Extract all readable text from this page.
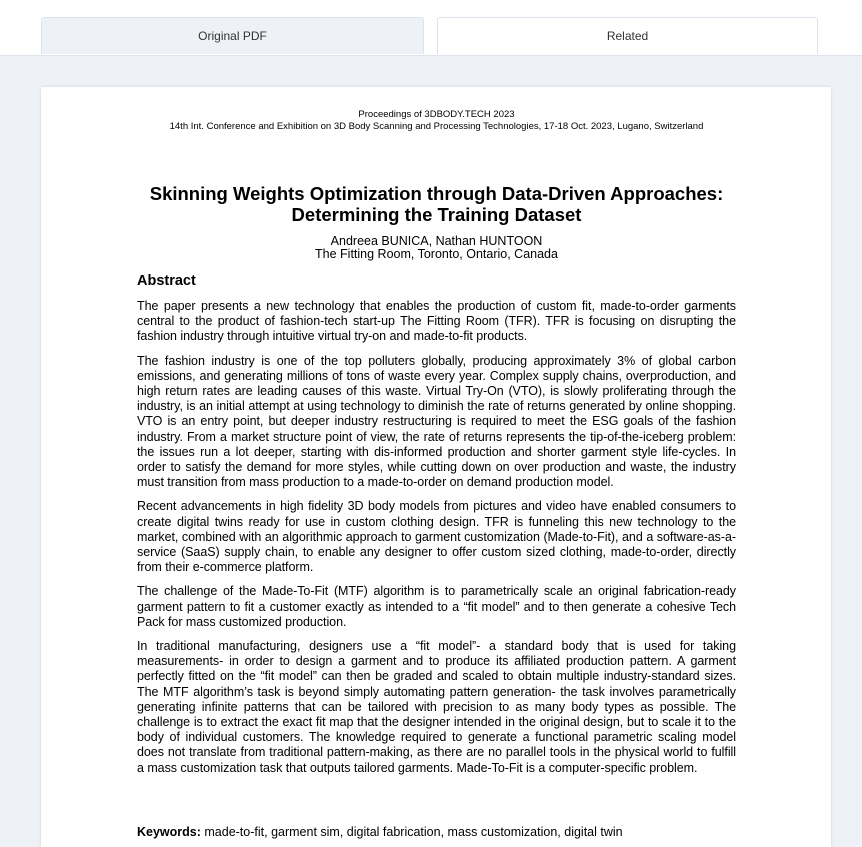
Original PDF	Related
Proceedings of 3DBODY.TECH 2023
14th Int. Conference and Exhibition on 3D Body Scanning and Processing Technologies, 17-18 Oct. 2023, Lugano, Switzerland
Skinning Weights Optimization through Data-Driven Approaches:
Determining the Training Dataset
Andreea BUNICA, Nathan HUNTOON
The Fitting Room, Toronto, Ontario, Canada
Abstract

The paper presents a new technology that enables the production of custom fit, made-to-order garments central to the product of fashion-tech start-up The Fitting Room (TFR). TFR is focusing on disrupting the fashion industry through intuitive virtual try-on and made-to-fit products.

The fashion industry is one of the top polluters globally, producing approximately 3% of global carbon emissions, and generating millions of tons of waste every year. Complex supply chains, overproduction, and high return rates are leading causes of this waste. Virtual Try-On (VTO), is slowly proliferating through the industry, is an initial attempt at using technology to diminish the rate of returns generated by online shopping. VTO is an entry point, but deeper industry restructuring is required to meet the ESG goals of the fashion industry. From a market structure point of view, the rate of returns represents the tip-of-the-iceberg problem: the issues run a lot deeper, starting with dis-informed production and shorter garment style life-cycles. In order to satisfy the demand for more styles, while cutting down on over production and waste, the industry must transition from mass production to a made-to-order on demand production model.

Recent advancements in high fidelity 3D body models from pictures and video have enabled consumers to create digital twins ready for use in custom clothing design. TFR is funneling this new technology to the market, combined with an algorithmic approach to garment customization (Made-to-Fit), and a software-as-a-service (SaaS) supply chain, to enable any designer to offer custom sized clothing, made-to-order, directly from their e-commerce platform.

The challenge of the Made-To-Fit (MTF) algorithm is to parametrically scale an original fabrication-ready garment pattern to fit a customer exactly as intended to a “fit model” and to then generate a cohesive Tech Pack for mass customized production.

In traditional manufacturing, designers use a “fit model”- a standard body that is used for taking measurements- in order to design a garment and to produce its affiliated production pattern. A garment perfectly fitted on the “fit model” can then be graded and scaled to obtain multiple industry-standard sizes. The MTF algorithm’s task is beyond simply automating pattern generation- the task involves parametrically generating infinite patterns that can be tailored with precision to as many body types as possible. The challenge is to extract the exact fit map that the designer intended in the original design, but to scale it to the body of individual customers. The knowledge required to generate a functional parametric scaling model does not translate from traditional pattern-making, as there are no parallel tools in the physical world to fulfill a mass customization task that outputs tailored garments. Made-To-Fit is a computer-specific problem.

Keywords: made-to-fit, garment sim, digital fabrication, mass customization, digital twin
